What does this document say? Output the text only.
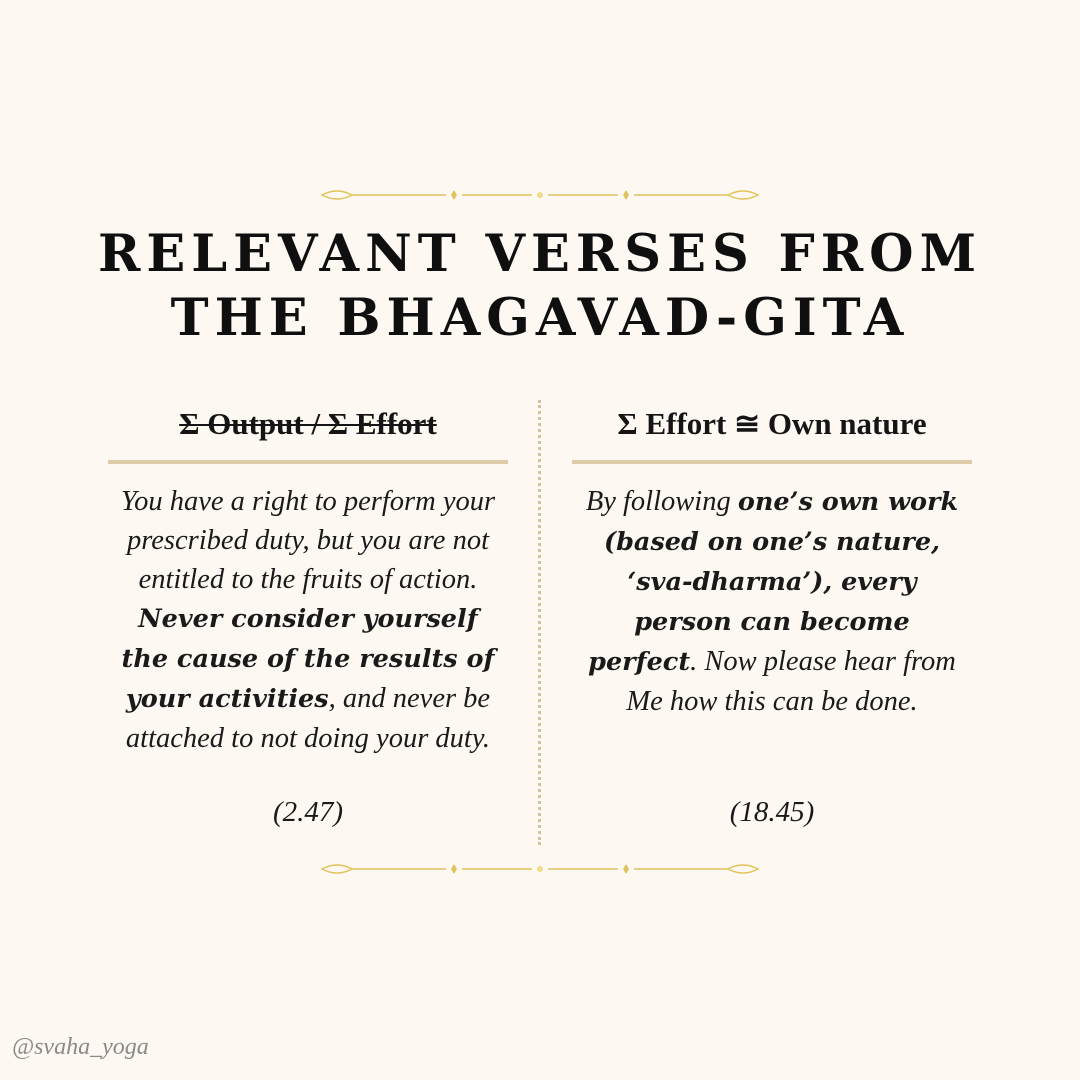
RELEVANT VERSES FROM
THE BHAGAVAD-GITA
Σ Output / Σ Effort
You have a right to perform your prescribed duty, but you are not entitled to the fruits of action. Never consider yourself the cause of the results of your activities, and never be attached to not doing your duty.
Σ Effort ≅ Own nature
By following one’s own work (based on one’s nature, ‘sva-dharma’), every person can become perfect. Now please hear from Me how this can be done.
(2.47)	(18.45)
@svaha_yoga
